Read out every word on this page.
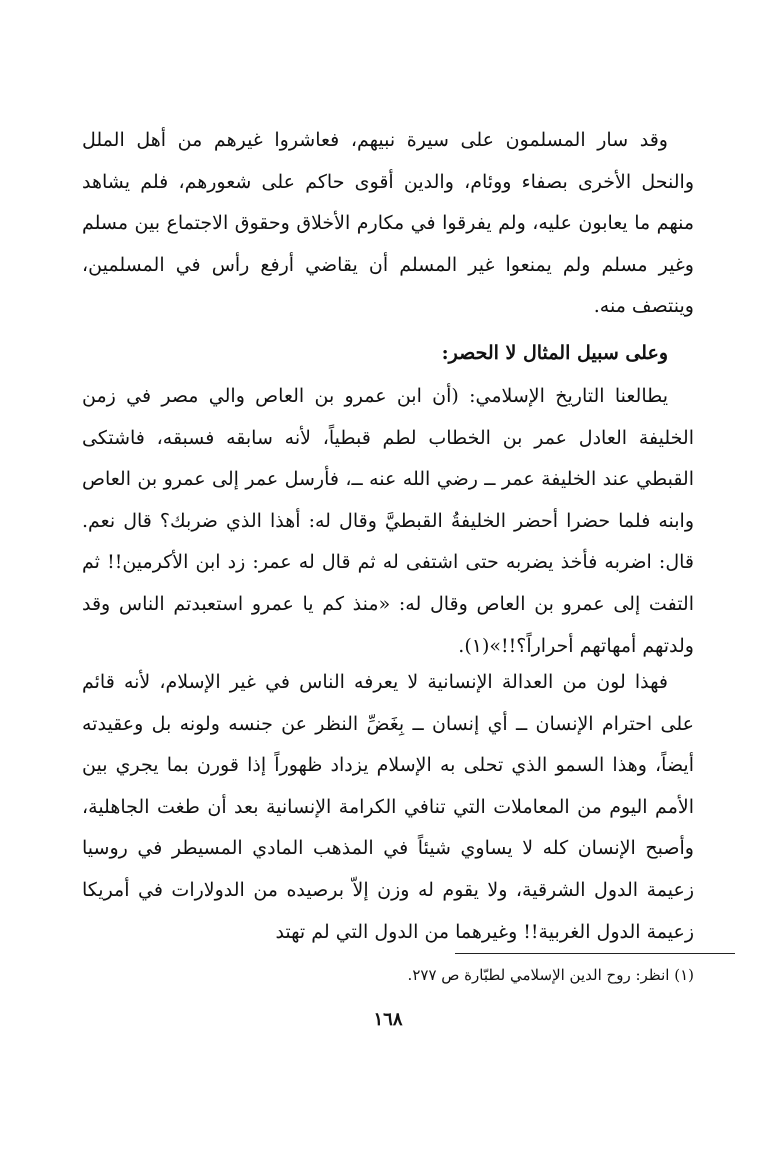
وقد سار المسلمون على سيرة نبيهم، فعاشروا غيرهم من أهل الملل والنحل الأخرى بصفاء ووئام، والدين أقوى حاكم على شعورهم، فلم يشاهد منهم ما يعابون عليه، ولم يفرقوا في مكارم الأخلاق وحقوق الاجتماع بين مسلم وغير مسلم ولم يمنعوا غير المسلم أن يقاضي أرفع رأس في المسلمين، وينتصف منه.

وعلى سبيل المثال لا الحصر:

يطالعنا التاريخ الإسلامي: (أن ابن عمرو بن العاص والي مصر في زمن الخليفة العادل عمر بن الخطاب لطم قبطياً، لأنه سابقه فسبقه، فاشتكى القبطي عند الخليفة عمر ــ رضي الله عنه ــ، فأرسل عمر إلى عمرو بن العاص وابنه فلما حضرا أحضر الخليفةُ القبطيَّ وقال له: أهذا الذي ضربك؟ قال نعم. قال: اضربه فأخذ يضربه حتى اشتفى له ثم قال له عمر: زد ابن الأكرمين!! ثم التفت إلى عمرو بن العاص وقال له: «منذ كم يا عمرو استعبدتم الناس وقد ولدتهم أمهاتهم أحراراً؟!!»(١).

فهذا لون من العدالة الإنسانية لا يعرفه الناس في غير الإسلام، لأنه قائم على احترام الإنسان ــ أي إنسان ــ بِغَضِّ النظر عن جنسه ولونه بل وعقيدته أيضاً، وهذا السمو الذي تحلى به الإسلام يزداد ظهوراً إذا قورن بما يجري بين الأمم اليوم من المعاملات التي تنافي الكرامة الإنسانية بعد أن طغت الجاهلية، وأصبح الإنسان كله لا يساوي شيئاً في المذهب المادي المسيطر في روسيا زعيمة الدول الشرقية، ولا يقوم له وزن إلاّ برصيده من الدولارات في أمريكا زعيمة الدول الغربية!! وغيرهما من الدول التي لم تهتد

(١) انظر: روح الدين الإسلامي لطبّارة ص ٢٧٧.

١٦٨
